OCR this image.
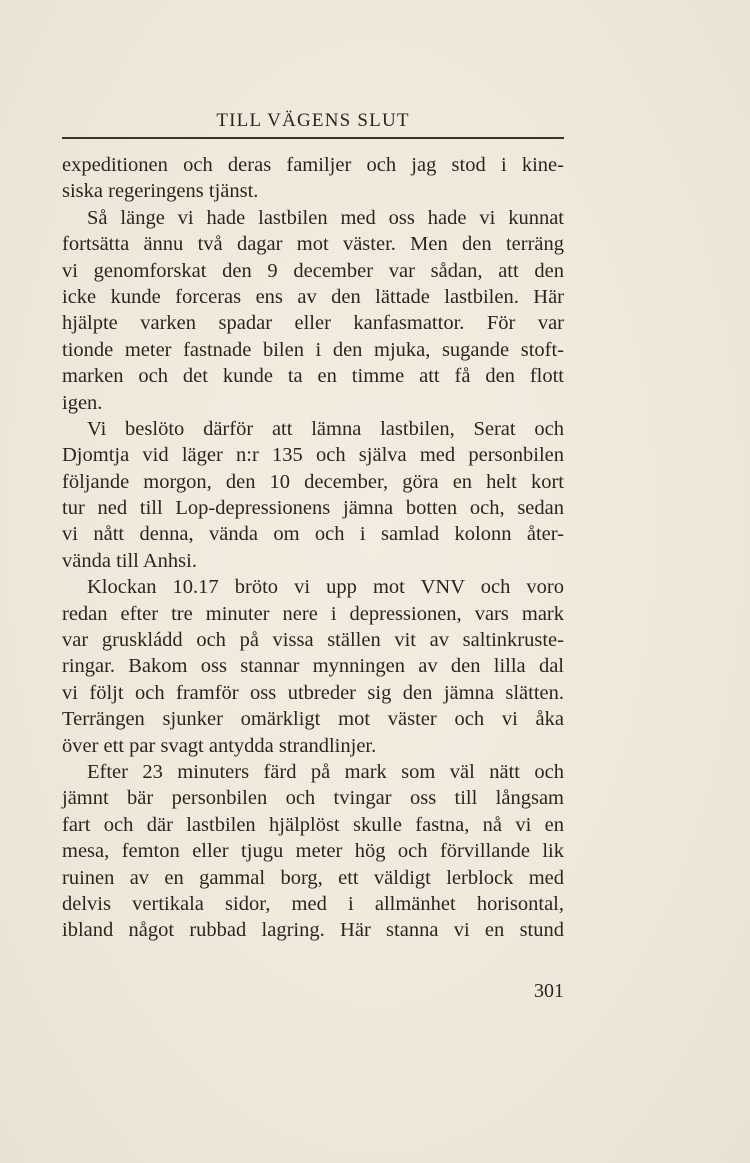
TILL VÄGENS SLUT
expeditionen och deras familjer och jag stod i kine-
siska regeringens tjänst.
Så länge vi hade lastbilen med oss hade vi kunnat
fortsätta ännu två dagar mot väster. Men den terräng
vi genomforskat den 9 december var sådan, att den
icke kunde forceras ens av den lättade lastbilen. Här
hjälpte varken spadar eller kanfasmattor. För var
tionde meter fastnade bilen i den mjuka, sugande stoft-
marken och det kunde ta en timme att få den flott
igen.
Vi beslöto därför att lämna lastbilen, Serat och
Djomtja vid läger n:r 135 och själva med personbilen
följande morgon, den 10 december, göra en helt kort
tur ned till Lop-depressionens jämna botten och, sedan
vi nått denna, vända om och i samlad kolonn åter-
vända till Anhsi.
Klockan 10.17 bröto vi upp mot VNV och voro
redan efter tre minuter nere i depressionen, vars mark
var gruskládd och på vissa ställen vit av saltinkruste-
ringar. Bakom oss stannar mynningen av den lilla dal
vi följt och framför oss utbreder sig den jämna slätten.
Terrängen sjunker omärkligt mot väster och vi åka
över ett par svagt antydda strandlinjer.
Efter 23 minuters färd på mark som väl nätt och
jämnt bär personbilen och tvingar oss till långsam
fart och där lastbilen hjälplöst skulle fastna, nå vi en
mesa, femton eller tjugu meter hög och förvillande lik
ruinen av en gammal borg, ett väldigt lerblock med
delvis vertikala sidor, med i allmänhet horisontal,
ibland något rubbad lagring. Här stanna vi en stund
301
